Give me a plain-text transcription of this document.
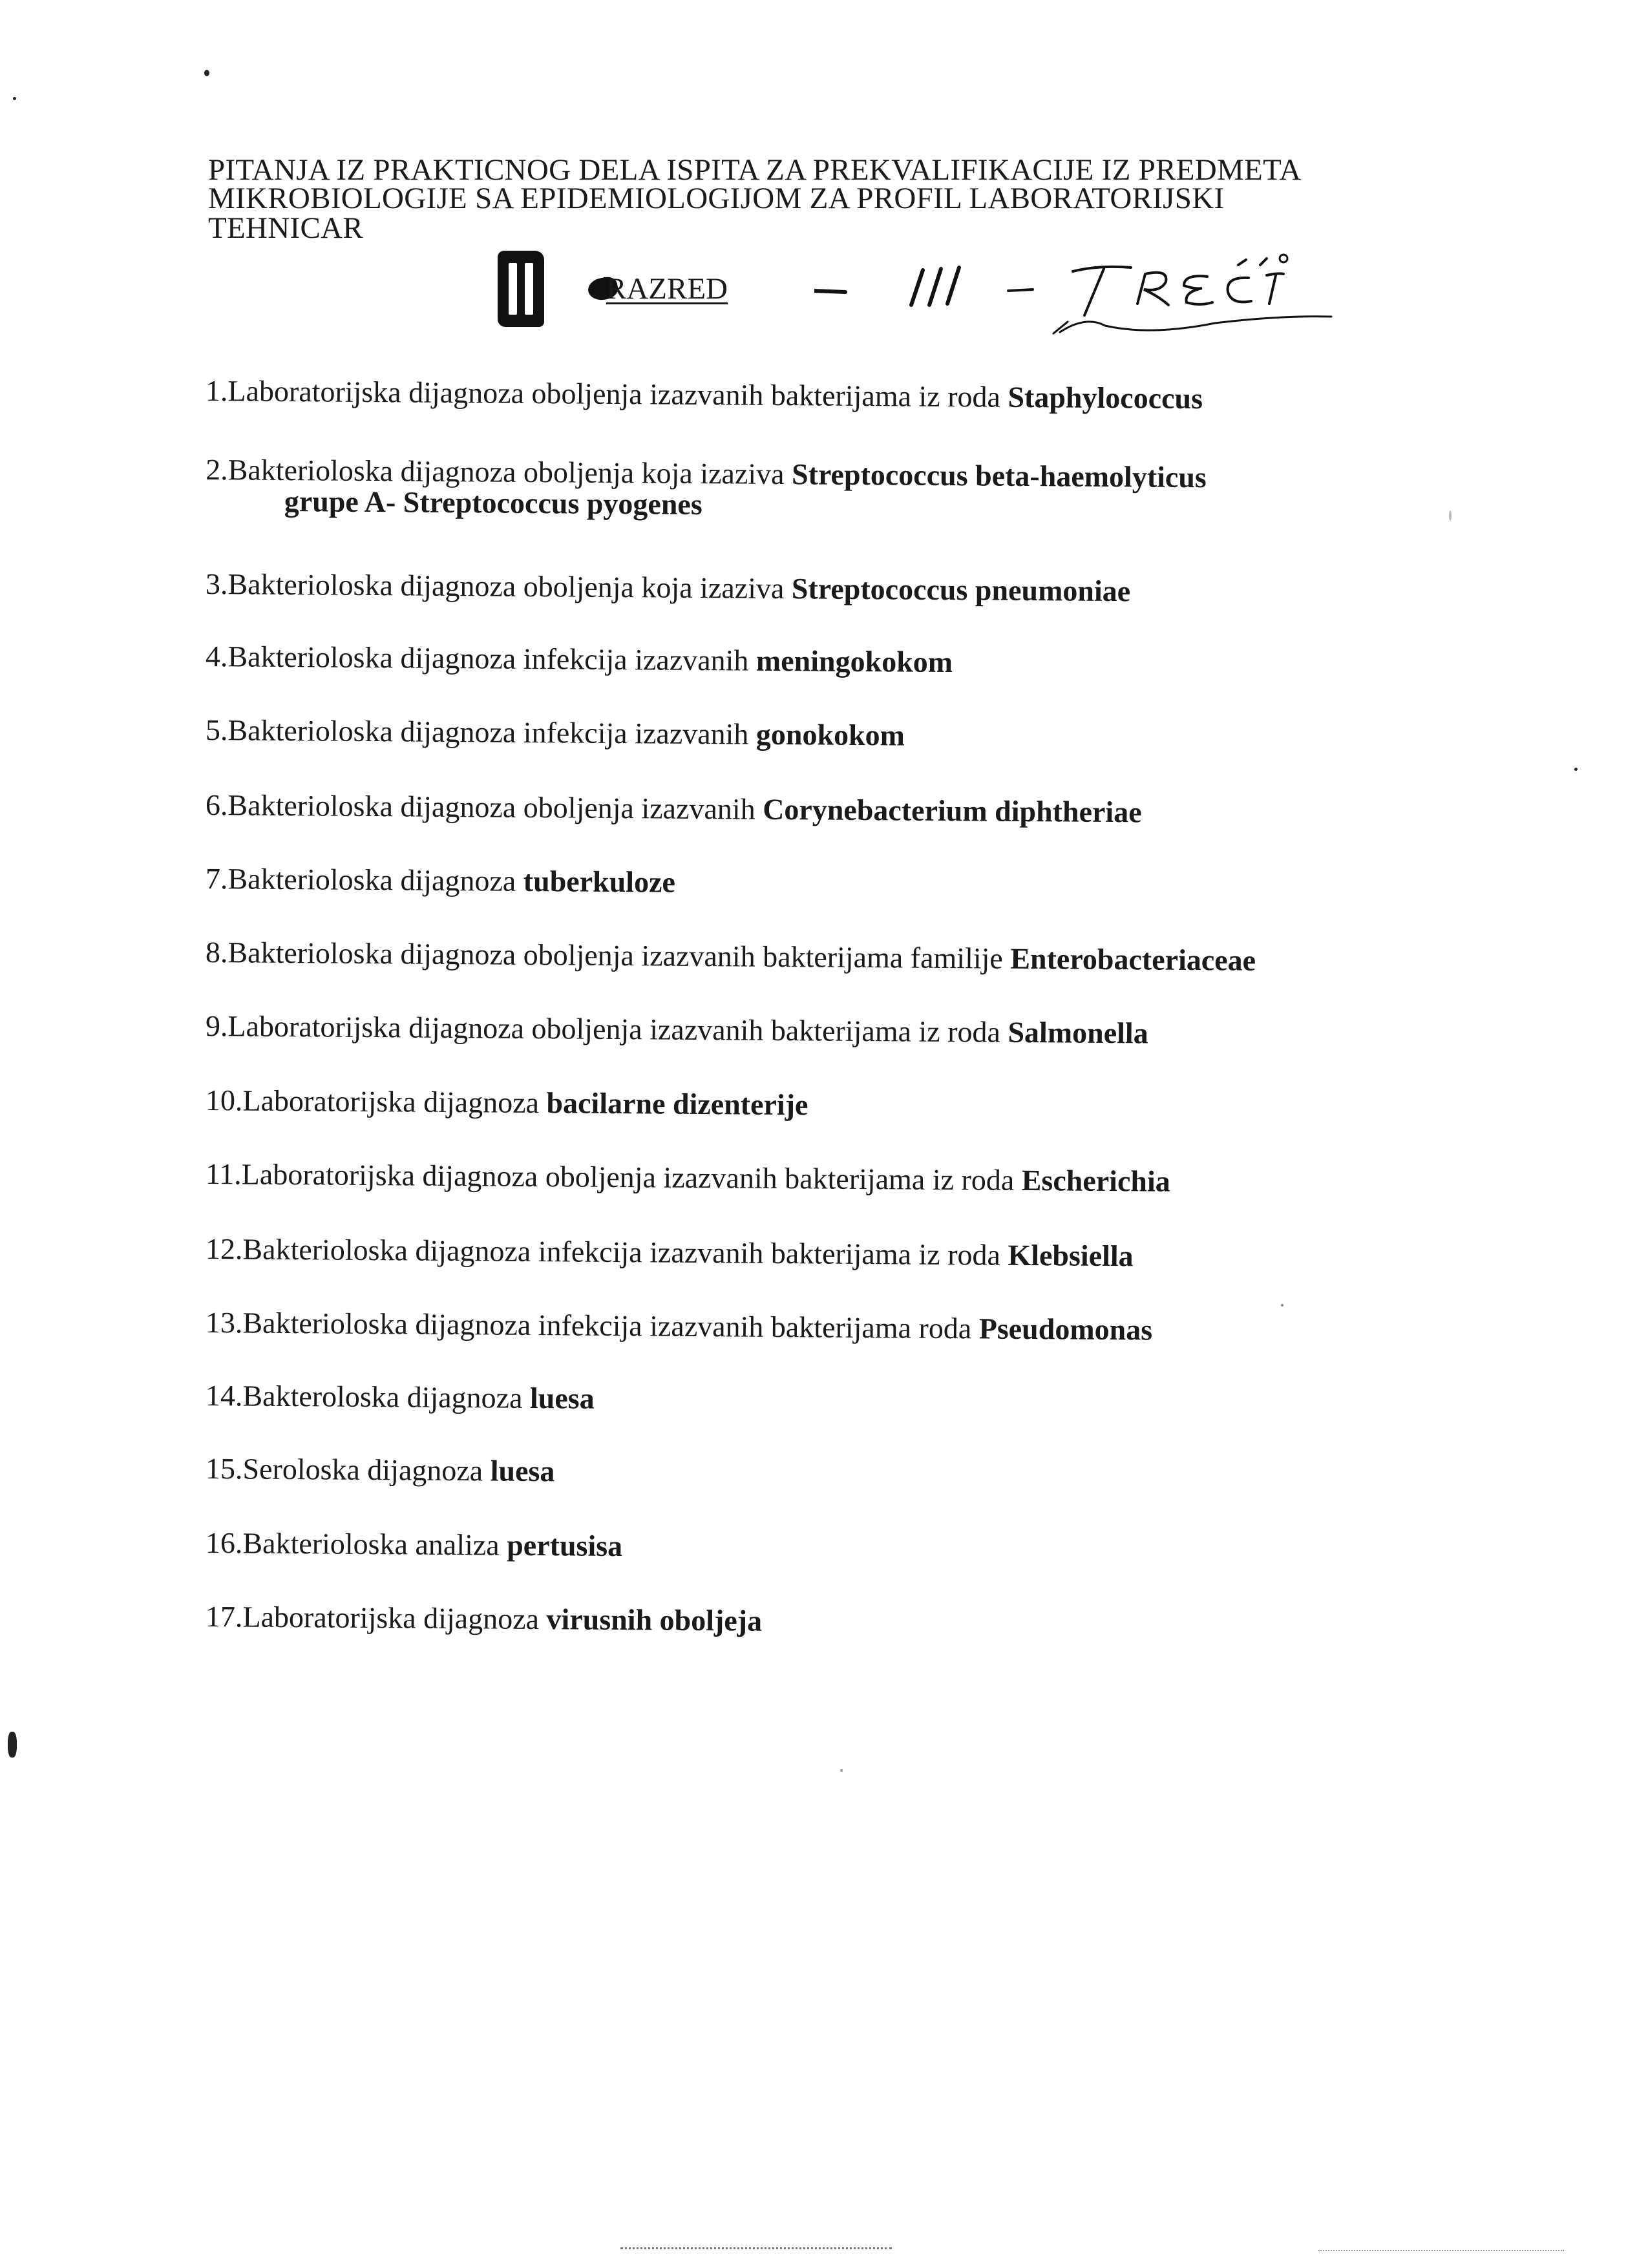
PITANJA IZ PRAKTICNOG DELA ISPITA ZA PREKVALIFIKACIJE IZ PREDMETA
MIKROBIOLOGIJE SA EPIDEMIOLOGIJOM ZA PROFIL LABORATORIJSKI
TEHNICAR
RAZRED
1.Laboratorijska dijagnoza oboljenja izazvanih bakterijama iz roda Staphylococcus
2.Bakterioloska dijagnoza oboljenja koja izaziva Streptococcus beta-haemolyticus
grupe A- Streptococcus pyogenes
3.Bakterioloska dijagnoza oboljenja koja izaziva Streptococcus pneumoniae
4.Bakterioloska dijagnoza infekcija izazvanih meningokokom
5.Bakterioloska dijagnoza infekcija izazvanih gonokokom
6.Bakterioloska dijagnoza oboljenja izazvanih Corynebacterium diphtheriae
7.Bakterioloska dijagnoza tuberkuloze
8.Bakterioloska dijagnoza oboljenja izazvanih bakterijama familije Enterobacteriaceae
9.Laboratorijska dijagnoza oboljenja izazvanih bakterijama iz roda Salmonella
10.Laboratorijska dijagnoza bacilarne dizenterije
11.Laboratorijska dijagnoza oboljenja izazvanih bakterijama iz roda Escherichia
12.Bakterioloska dijagnoza infekcija izazvanih bakterijama iz roda Klebsiella
13.Bakterioloska dijagnoza infekcija izazvanih bakterijama roda Pseudomonas
14.Bakteroloska dijagnoza luesa
15.Seroloska dijagnoza luesa
16.Bakterioloska analiza pertusisa
17.Laboratorijska dijagnoza virusnih oboljeja
